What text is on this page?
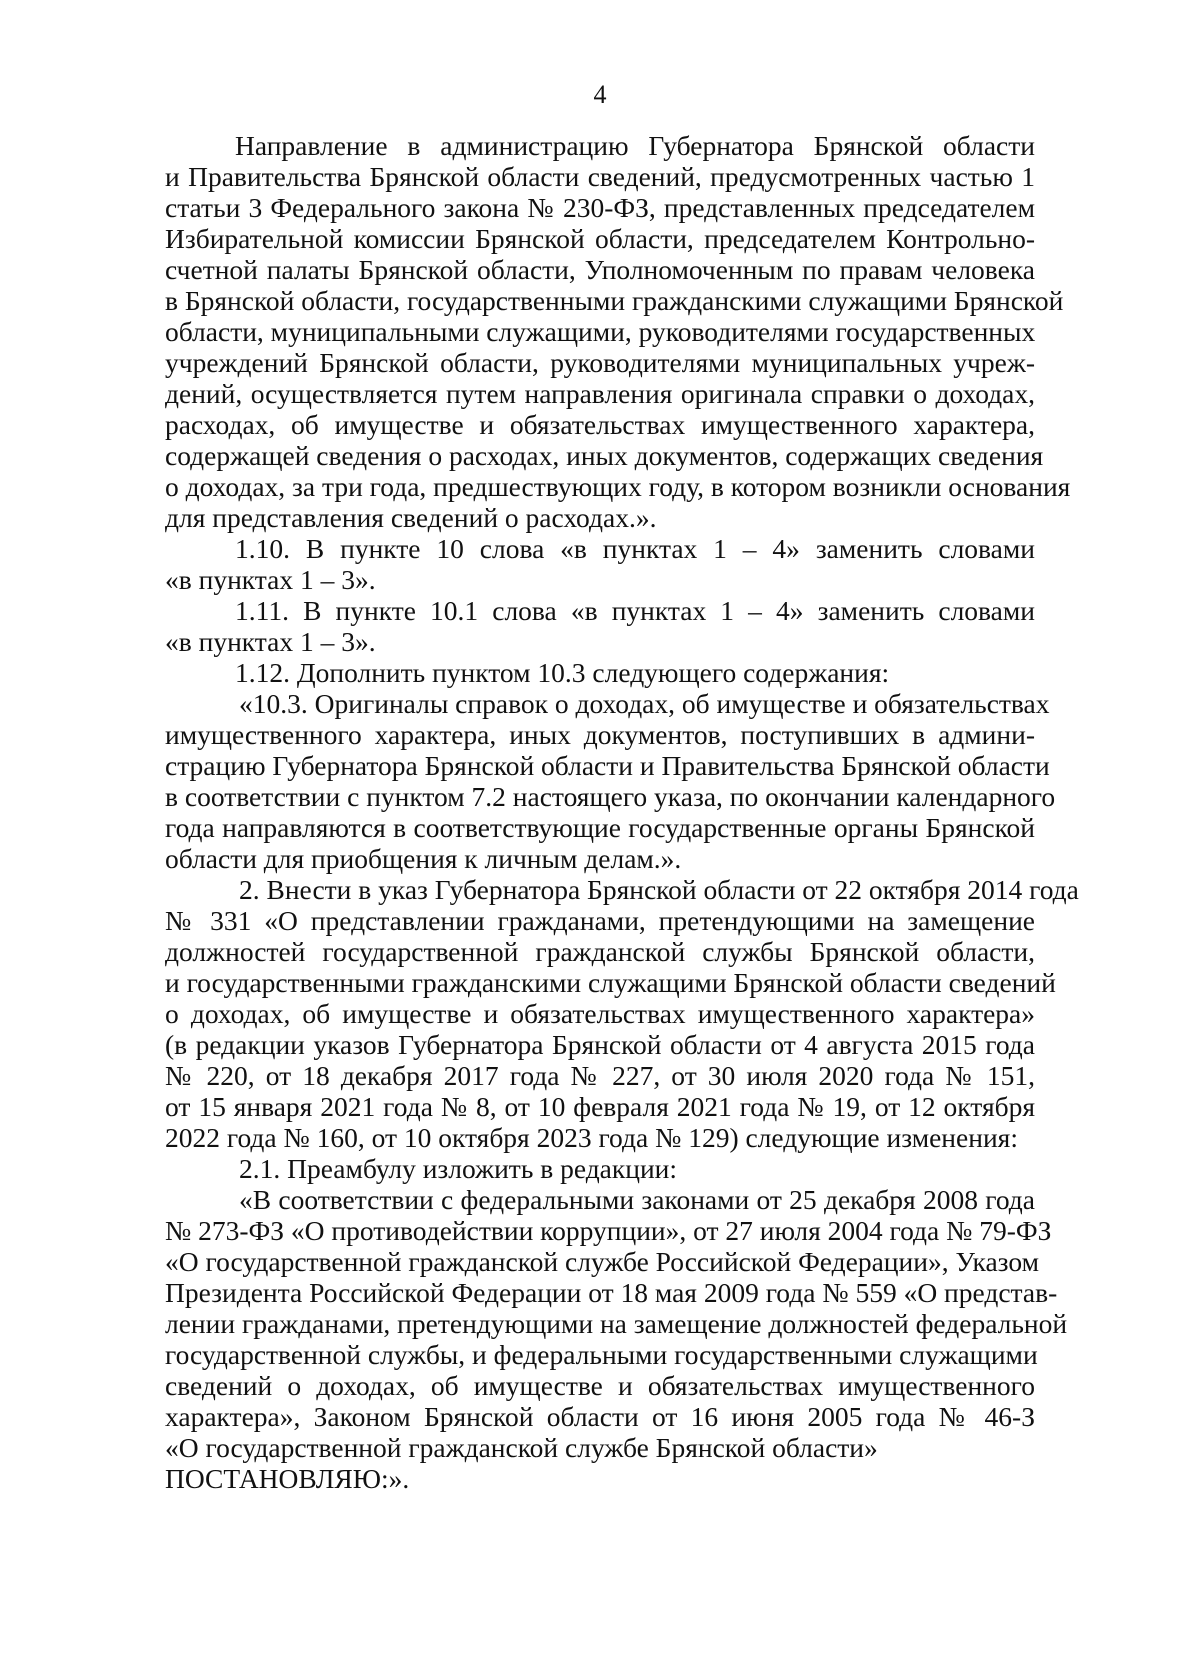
4
Направление в администрацию Губернатора Брянской области
и Правительства Брянской области сведений, предусмотренных частью 1
статьи 3 Федерального закона № 230-ФЗ, представленных председателем
Избирательной комиссии Брянской области, председателем Контрольно-
счетной палаты Брянской области, Уполномоченным по правам человека
в Брянской области, государственными гражданскими служащими Брянской
области, муниципальными служащими, руководителями государственных
учреждений Брянской области, руководителями муниципальных учреж-
дений, осуществляется путем направления оригинала справки о доходах,
расходах, об имуществе и обязательствах имущественного характера,
содержащей сведения о расходах, иных документов, содержащих сведения
о доходах, за три года, предшествующих году, в котором возникли основания
для представления сведений о расходах.».
1.10. В пункте 10 слова «в пунктах 1 – 4» заменить словами
«в пунктах 1 – 3».
1.11. В пункте 10.1 слова «в пунктах 1 – 4» заменить словами
«в пунктах 1 – 3».
1.12. Дополнить пунктом 10.3 следующего содержания:
«10.3. Оригиналы справок о доходах, об имуществе и обязательствах
имущественного характера, иных документов, поступивших в админи-
страцию Губернатора Брянской области и Правительства Брянской области
в соответствии с пунктом 7.2 настоящего указа, по окончании календарного
года направляются в соответствующие государственные органы Брянской
области для приобщения к личным делам.».
2. Внести в указ Губернатора Брянской области от 22 октября 2014 года
№ 331 «О представлении гражданами, претендующими на замещение
должностей государственной гражданской службы Брянской области,
и государственными гражданскими служащими Брянской области сведений
о доходах, об имуществе и обязательствах имущественного характера»
(в редакции указов Губернатора Брянской области от 4 августа 2015 года
№ 220, от 18 декабря 2017 года № 227, от 30 июля 2020 года № 151,
от 15 января 2021 года № 8, от 10 февраля 2021 года № 19, от 12 октября
2022 года № 160, от 10 октября 2023 года № 129) следующие изменения:
2.1. Преамбулу изложить в редакции:
«В соответствии с федеральными законами от 25 декабря 2008 года
№ 273-ФЗ «О противодействии коррупции», от 27 июля 2004 года № 79-ФЗ
«О государственной гражданской службе Российской Федерации», Указом
Президента Российской Федерации от 18 мая 2009 года № 559 «О представ-
лении гражданами, претендующими на замещение должностей федеральной
государственной службы, и федеральными государственными служащими
сведений о доходах, об имуществе и обязательствах имущественного
характера», Законом Брянской области от 16 июня 2005 года № 46-З
«О государственной гражданской службе Брянской области»
ПОСТАНОВЛЯЮ:».
